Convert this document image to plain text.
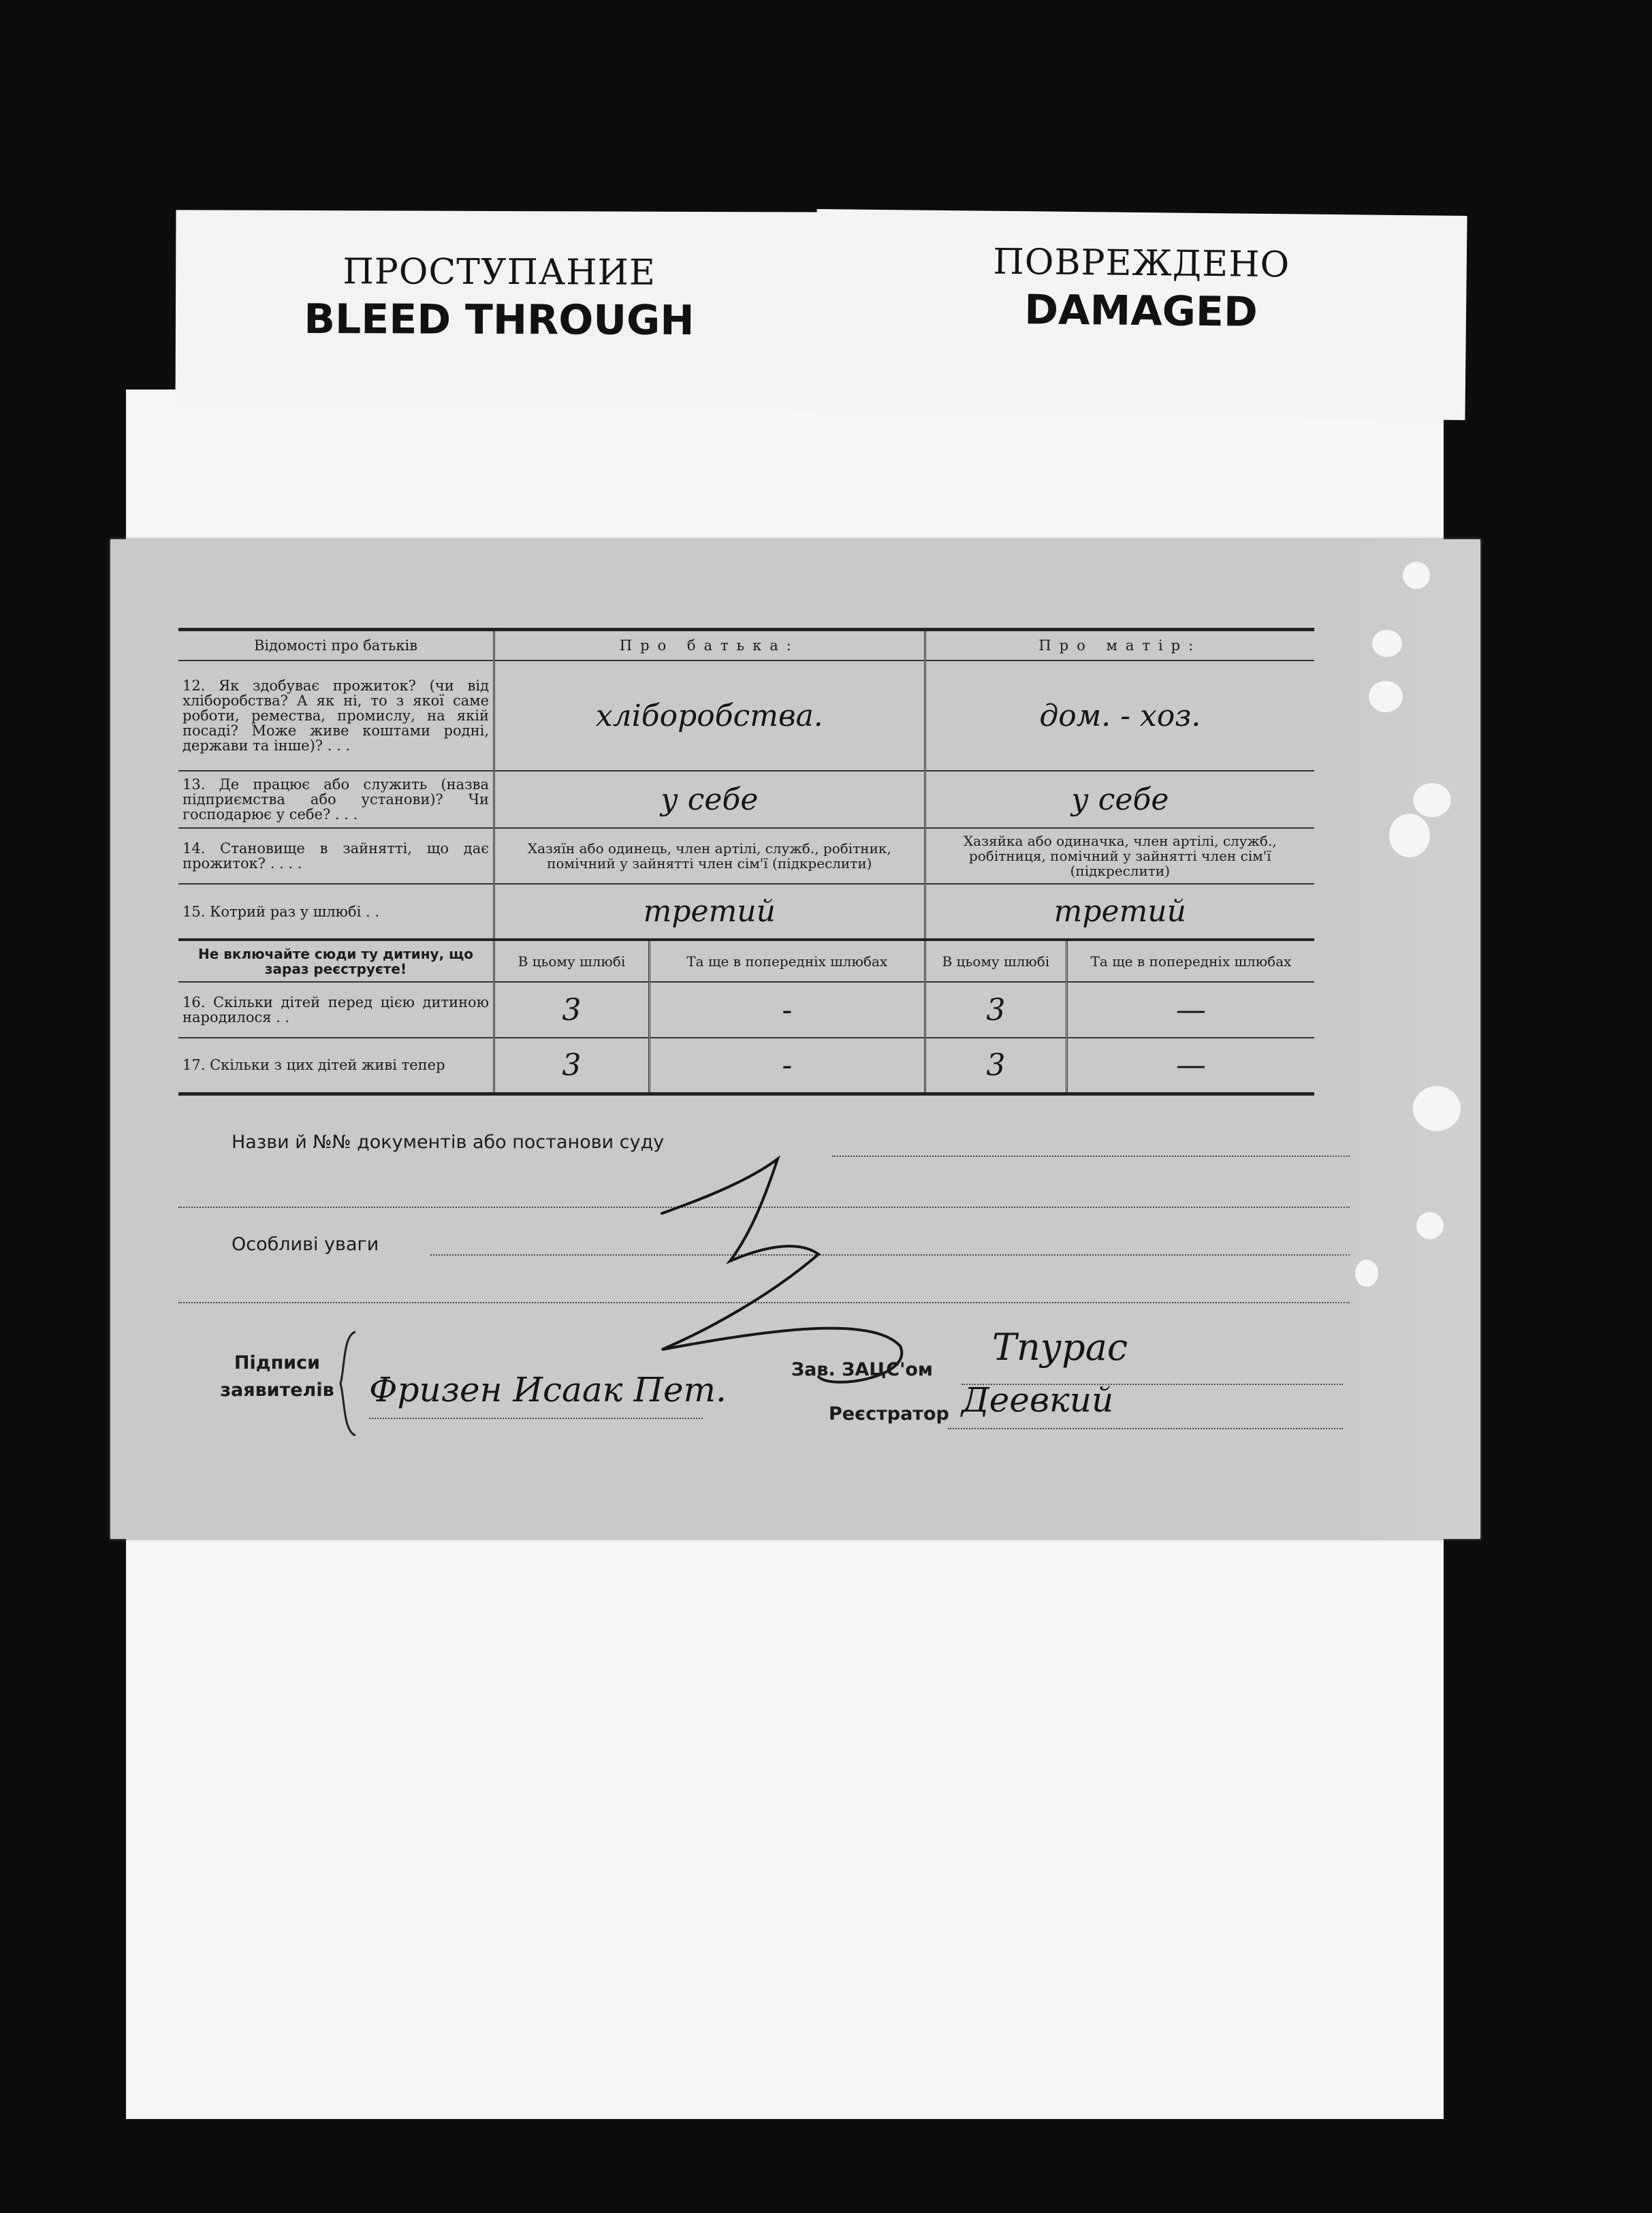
ПРОСТУПАНИЕ
BLEED THROUGH
ПОВРЕЖДЕНО
DAMAGED
Відомості про батьків	Про батька:		Про матір:	
12. Як здобуває прожиток? (чи від хліборобства? А як ні, то з якої саме роботи, ремества, промислу, на якій посаді? Може живе коштами родні, держави та інше)? . . .	хліборобства.		дом. - хоз.	
13. Де працює або служить (назва підприємства або установи)? Чи господарює у себе? . . .	у себе		у себе	
14. Становище в зайнятті, що дає прожиток? . . . .	Хазяїн або одинець, член артілі, служб., робітник, помічний у зайнятті член сім'ї (підкреслити)		Хазяйка або одиначка, член артілі, служб., робітниця, помічний у зайнятті член сім'ї (підкреслити)	
15. Котрий раз у шлюбі . .	третий		третий	
Не включайте сюди ту дитину, що зараз реєструєте!	В цьому шлюбі	Та ще в попередніх шлюбах	В цьому шлюбі	Та ще в попередніх шлюбах
16. Скільки дітей перед цією дитиною народилося . .	3	-	3	—
17. Скільки з цих дітей живі тепер	3	-	3	—
Назви й №№ документів або постанови суду
Особливі уваги
Підписи заявителів Фризен Исаак Пет.
Зав. ЗАЦС'ом
Тпурас
Реєстратор Деевкий
